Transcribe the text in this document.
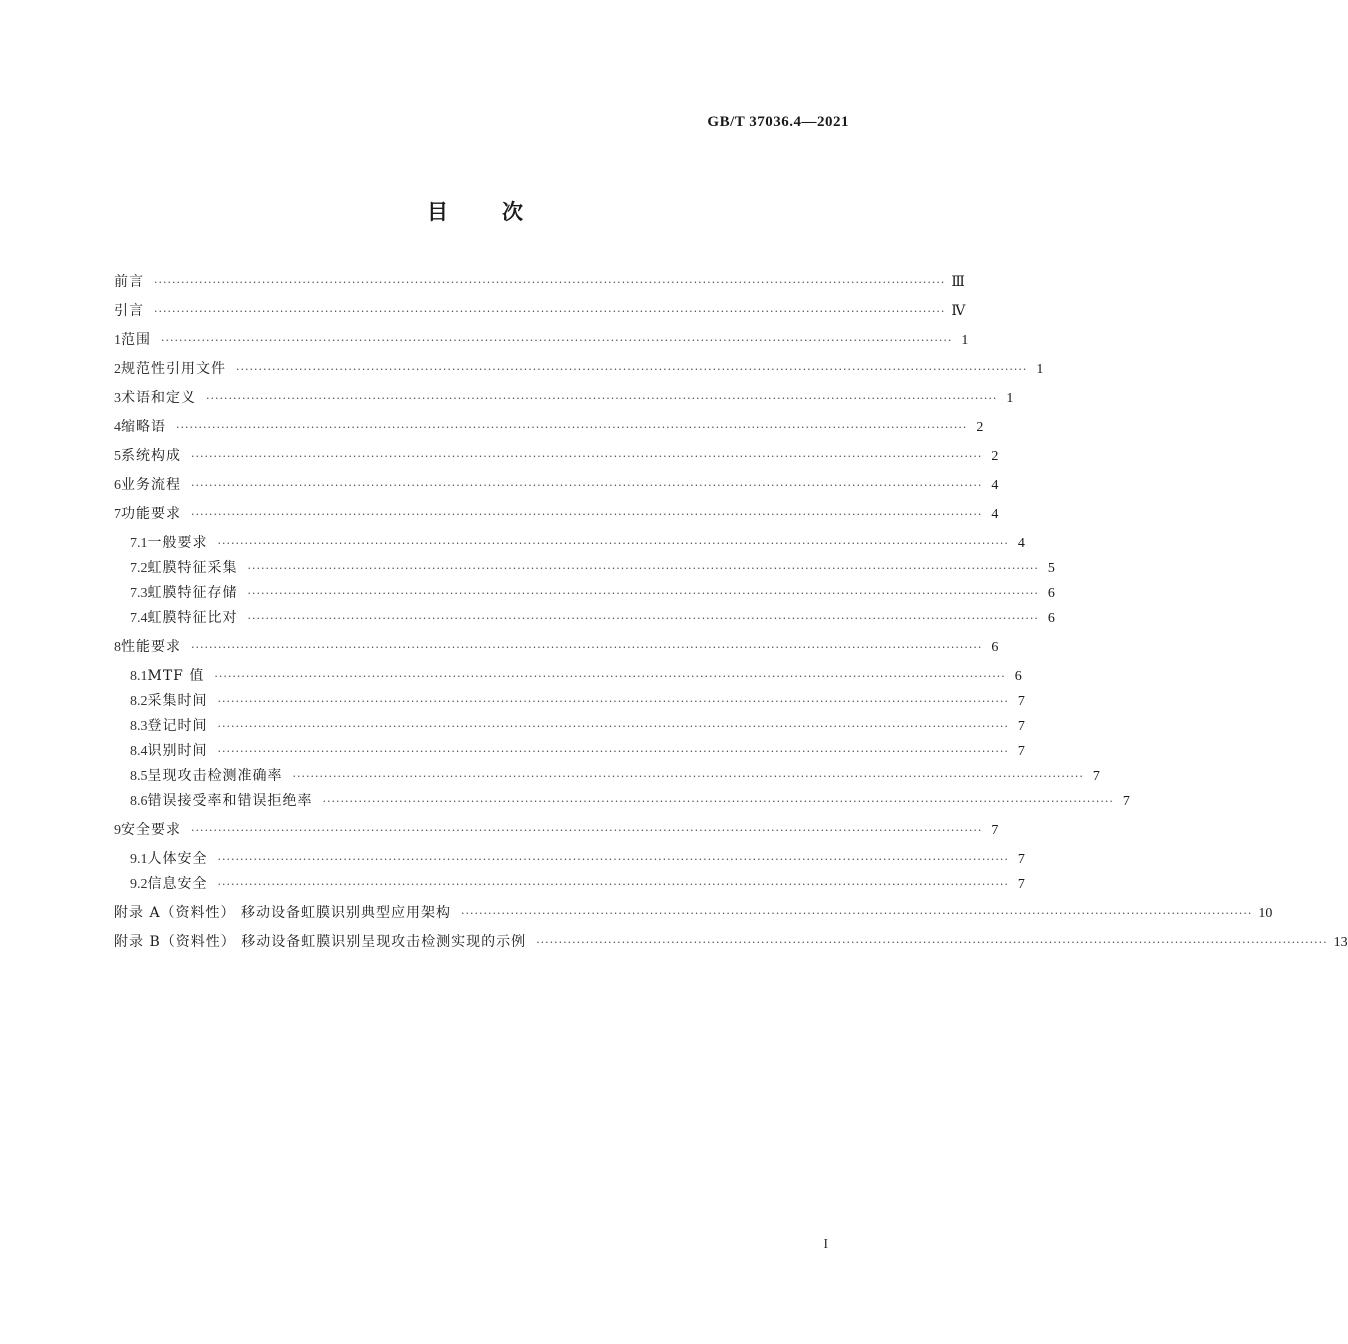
GB/T 37036.4—2021
目次
前言 ·····	Ⅲ
引言 ·····	Ⅳ
1 范围 ·····	1
2 规范性引用文件 ·····	1
3 术语和定义 ·····	1
4 缩略语 ·····	2
5 系统构成 ·····	2
6 业务流程 ·····	4
7 功能要求 ·····	4
7.1 一般要求 ·····	4
7.2 虹膜特征采集 ·····	5
7.3 虹膜特征存储 ·····	6
7.4 虹膜特征比对 ·····	6
8 性能要求 ·····	6
8.1 MTF 值 ·····	6
8.2 采集时间 ·····	7
8.3 登记时间 ·····	7
8.4 识别时间 ·····	7
8.5 呈现攻击检测准确率 ·····	7
8.6 错误接受率和错误拒绝率 ·····	7
9 安全要求 ·····	7
9.1 人体安全 ·····	7
9.2 信息安全 ·····	7
附录 A（资料性） 移动设备虹膜识别典型应用架构 ·····	10
附录 B（资料性） 移动设备虹膜识别呈现攻击检测实现的示例 ·····	13
I
